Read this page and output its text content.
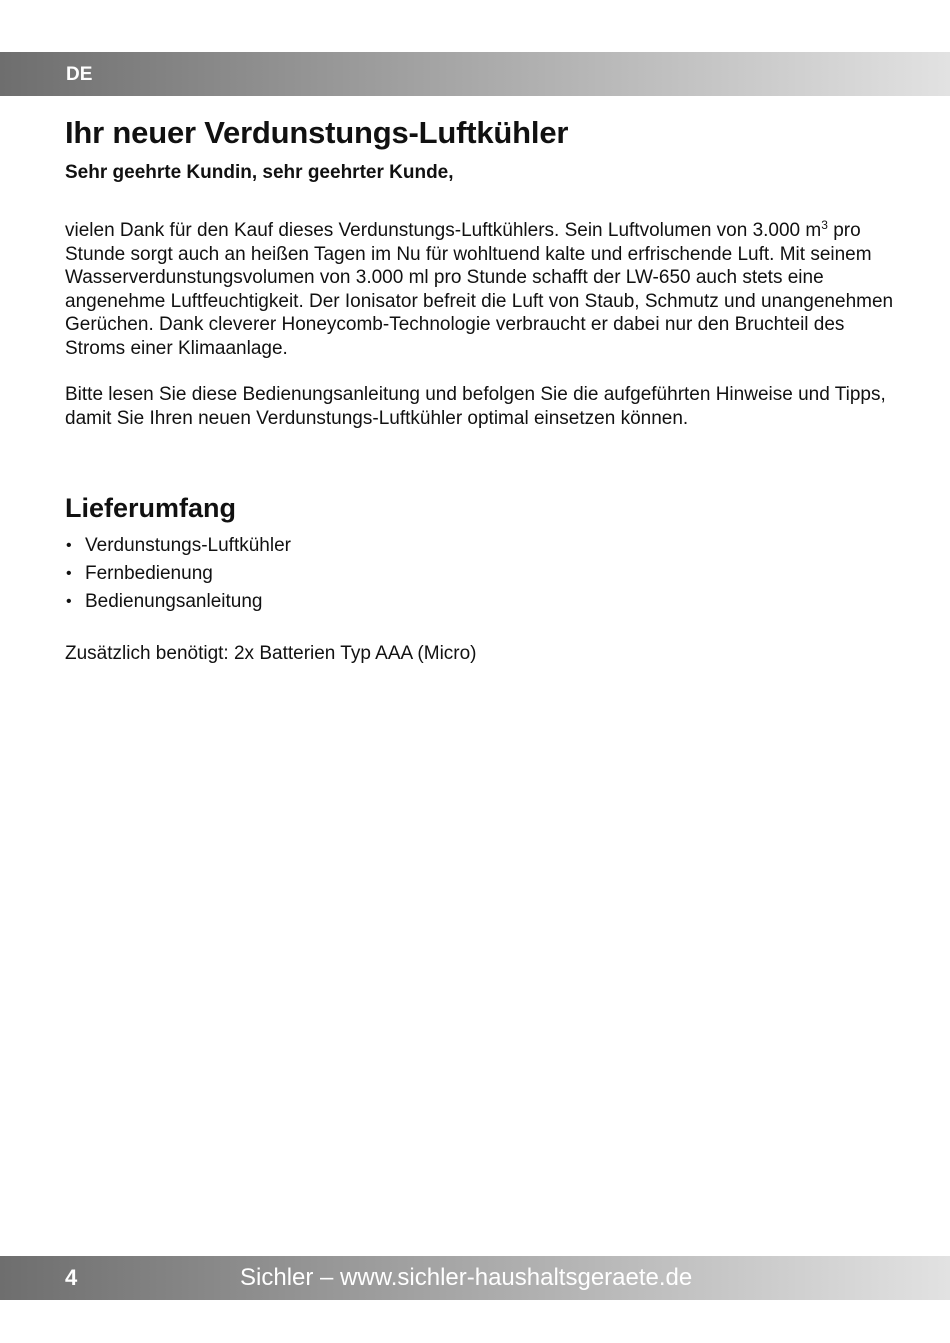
DE
Ihr neuer Verdunstungs-Luftkühler
Sehr geehrte Kundin, sehr geehrter Kunde,

vielen Dank für den Kauf dieses Verdunstungs-Luftkühlers. Sein Luftvolumen von 3.000 $m^3$ pro Stunde sorgt auch an heißen Tagen im Nu für wohltuend kalte und erfrischende Luft. Mit seinem Wasserverdunstungsvolumen von 3.000 ml pro Stunde schafft der LW-650 auch stets eine angenehme Luftfeuchtigkeit. Der Ionisator befreit die Luft von Staub, Schmutz und unangenehmen Gerüchen. Dank cleverer Honeycomb-Technologie verbraucht er dabei nur den Bruchteil des Stroms einer Klimaanlage.

Bitte lesen Sie diese Bedienungsanleitung und befolgen Sie die aufgeführten Hinweise und Tipps, damit Sie Ihren neuen Verdunstungs-Luftkühler optimal einsetzen können.

Lieferumfang
• Verdunstungs-Luftkühler
• Fernbedienung
• Bedienungsanleitung

Zusätzlich benötigt: 2x Batterien Typ AAA (Micro)

4	Sichler – www.sichler-haushaltsgeraete.de
